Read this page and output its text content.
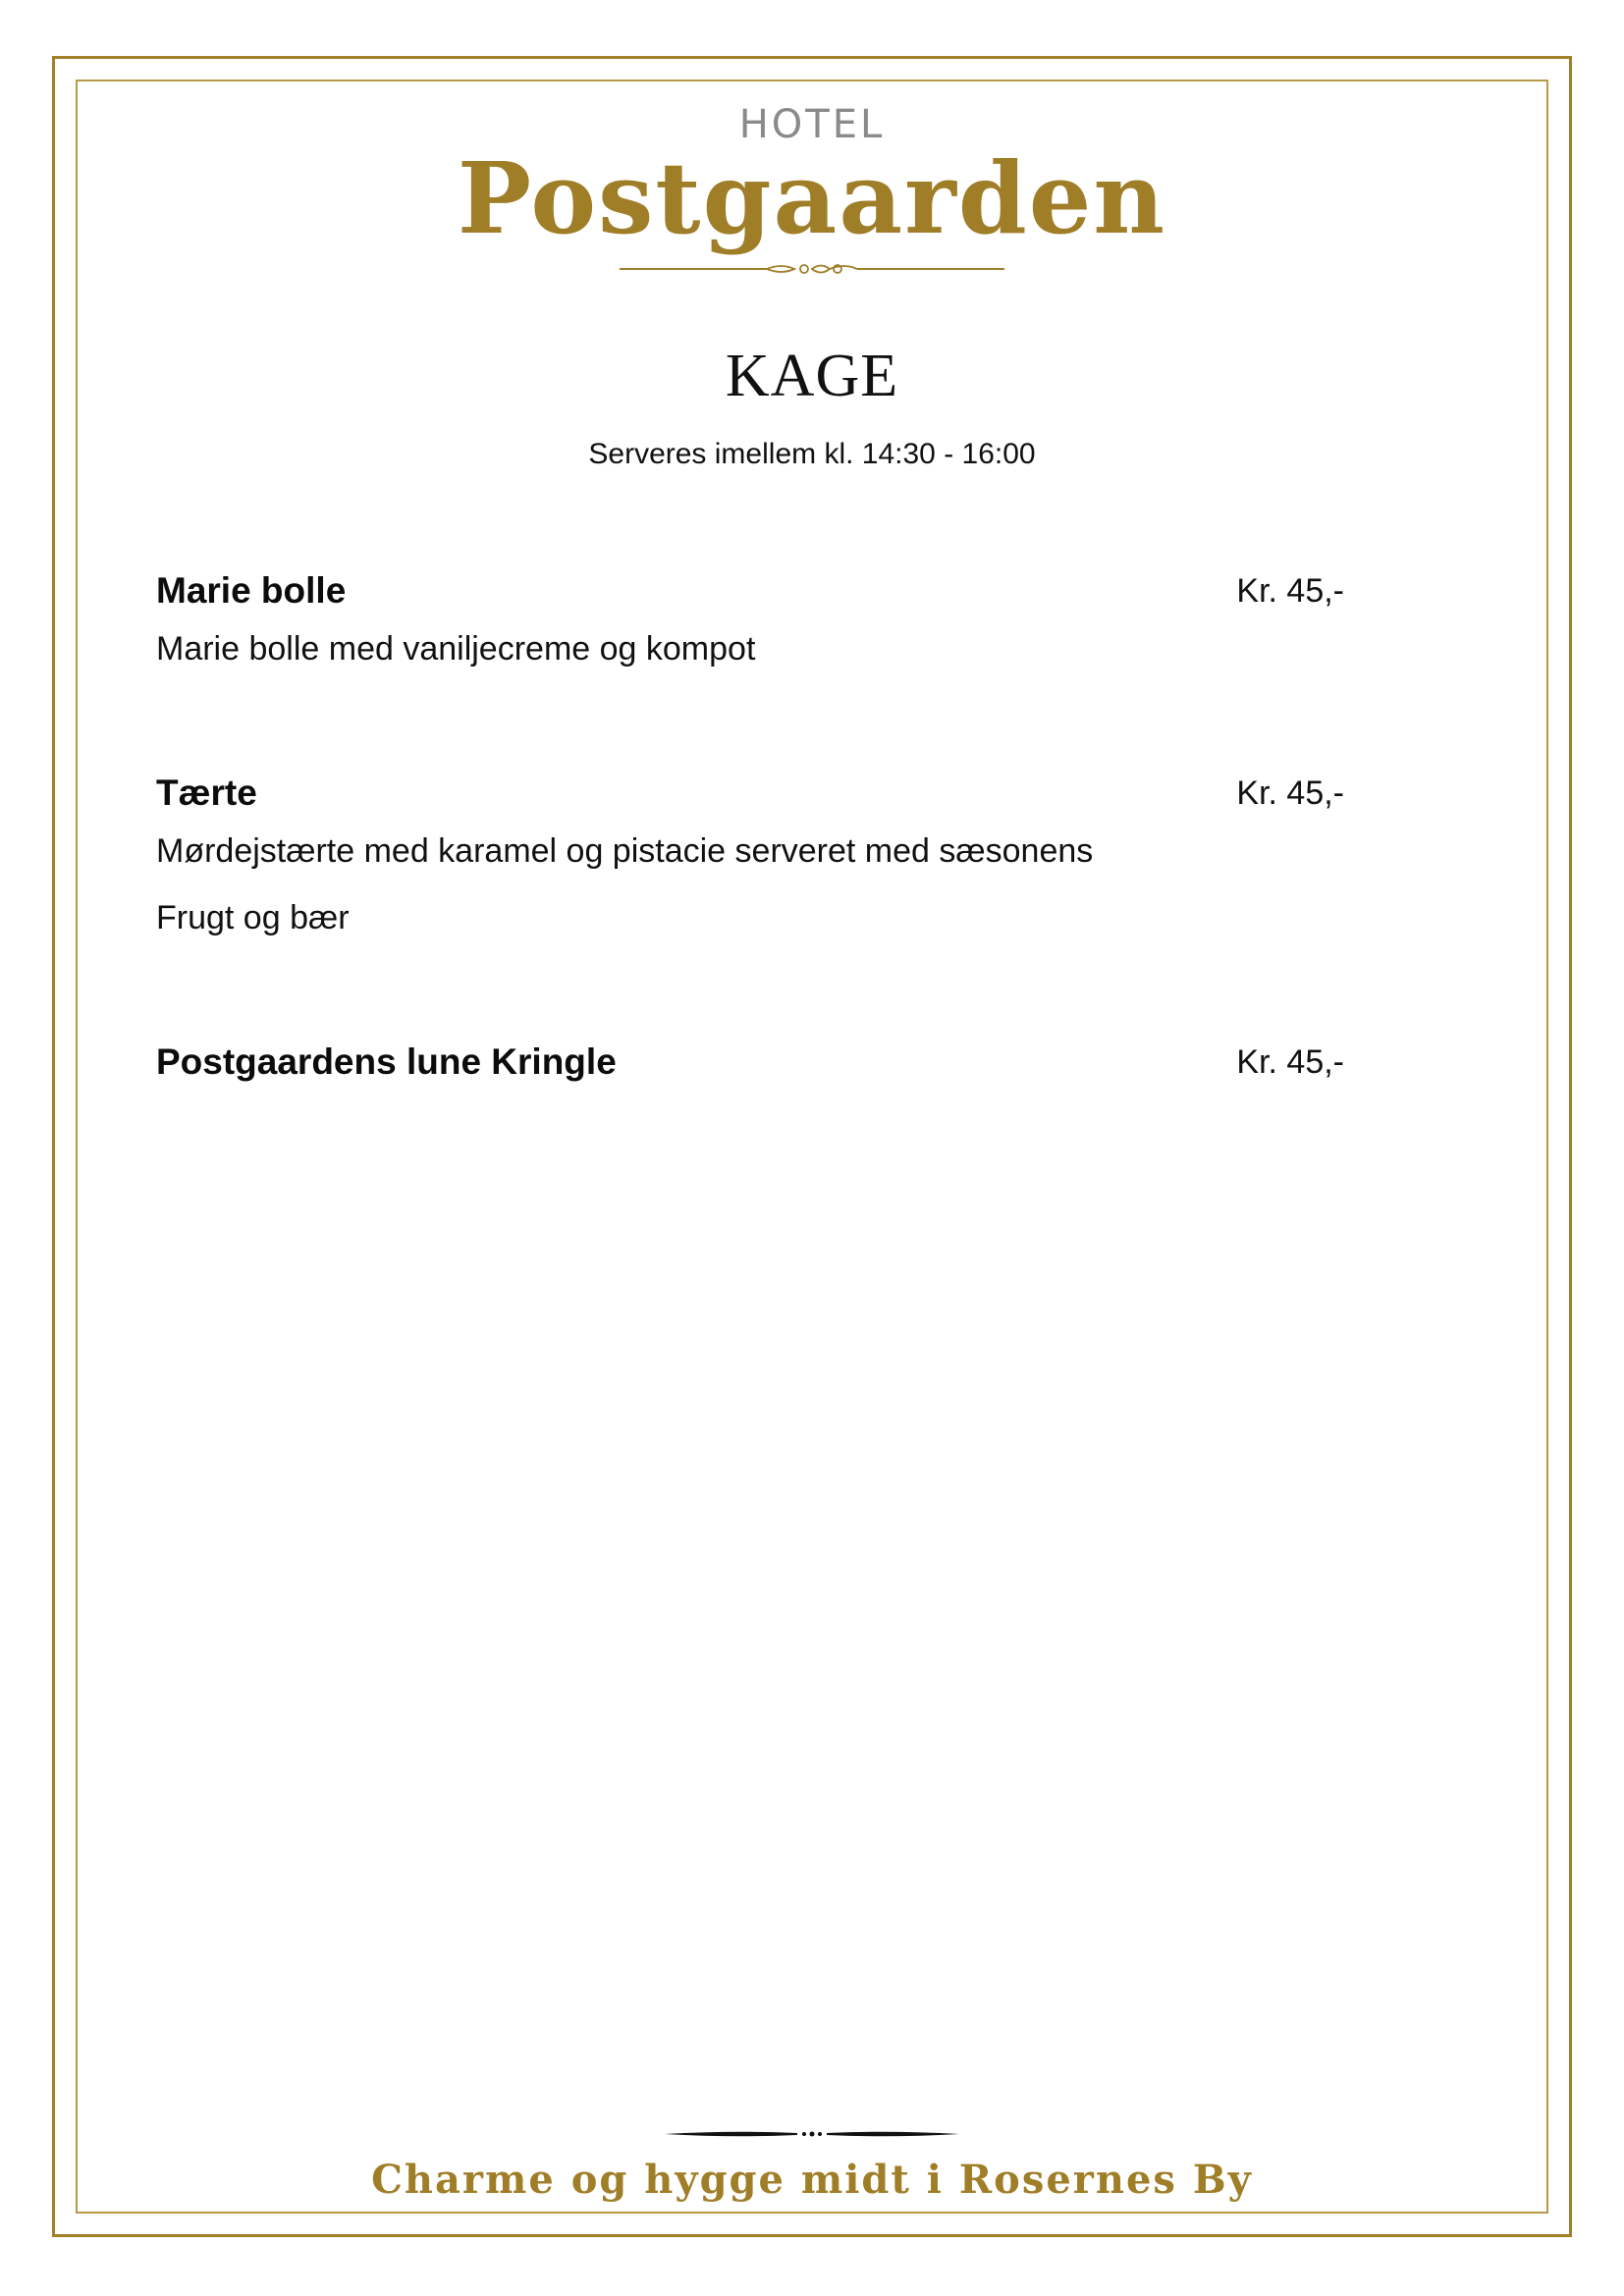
HOTEL
Postgaarden
KAGE
Serveres imellem kl. 14:30 - 16:00
Marie bolle	Kr. 45,-
Marie bolle med vaniljecreme og kompot
Tærte	Kr. 45,-
Mørdejstærte med karamel og pistacie serveret med sæsonens
Frugt og bær
Postgaardens lune Kringle	Kr. 45,-
Charme og hygge midt i Rosernes By
